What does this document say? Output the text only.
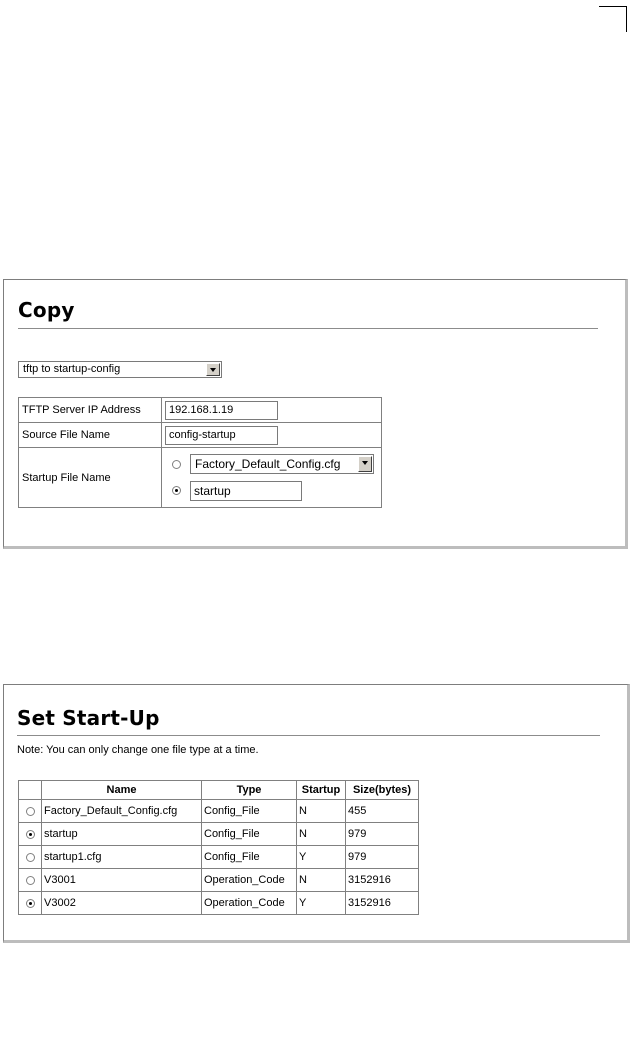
Copy
tftp to startup-config
TFTP Server IP Address	192.168.1.19
Source File Name	config-startup
Startup File Name	Factory_Default_Config.cfg
startup
Set Start-Up
Note: You can only change one file type at a time.
	Name	Type	Startup	Size(bytes)
	Factory_Default_Config.cfg	Config_File	N	455
	startup	Config_File	N	979
	startup1.cfg	Config_File	Y	979
	V3001	Operation_Code	N	3152916
	V3002	Operation_Code	Y	3152916
